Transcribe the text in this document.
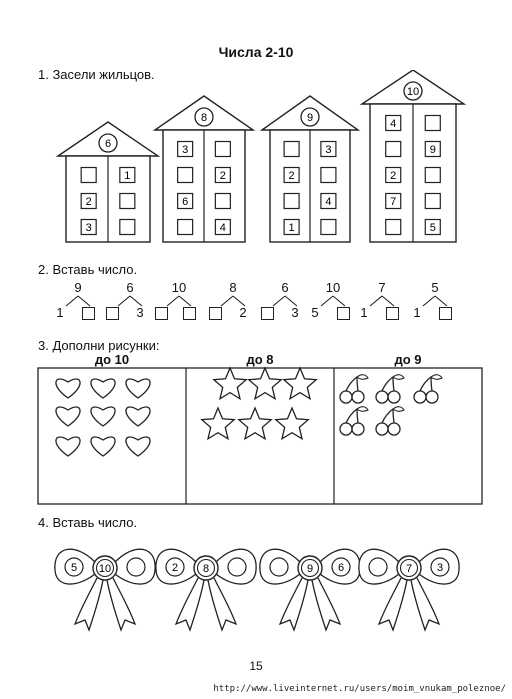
Числа 2-10
1. Засели жильцов.
6
1
2
3
8
3
2
6
4
9
3
2
4
1
10
4
9
2
7
5
2. Вставь число.
9
1
6
3
10	8
2
6
3
10
5
7
1
5
1
3. Дополни рисунки:
до 10	до 8	до 9
4. Вставь число.
10
5	8
2	9 6	7 3
15
http://www.liveinternet.ru/users/moim_vnukam_poleznoe/
